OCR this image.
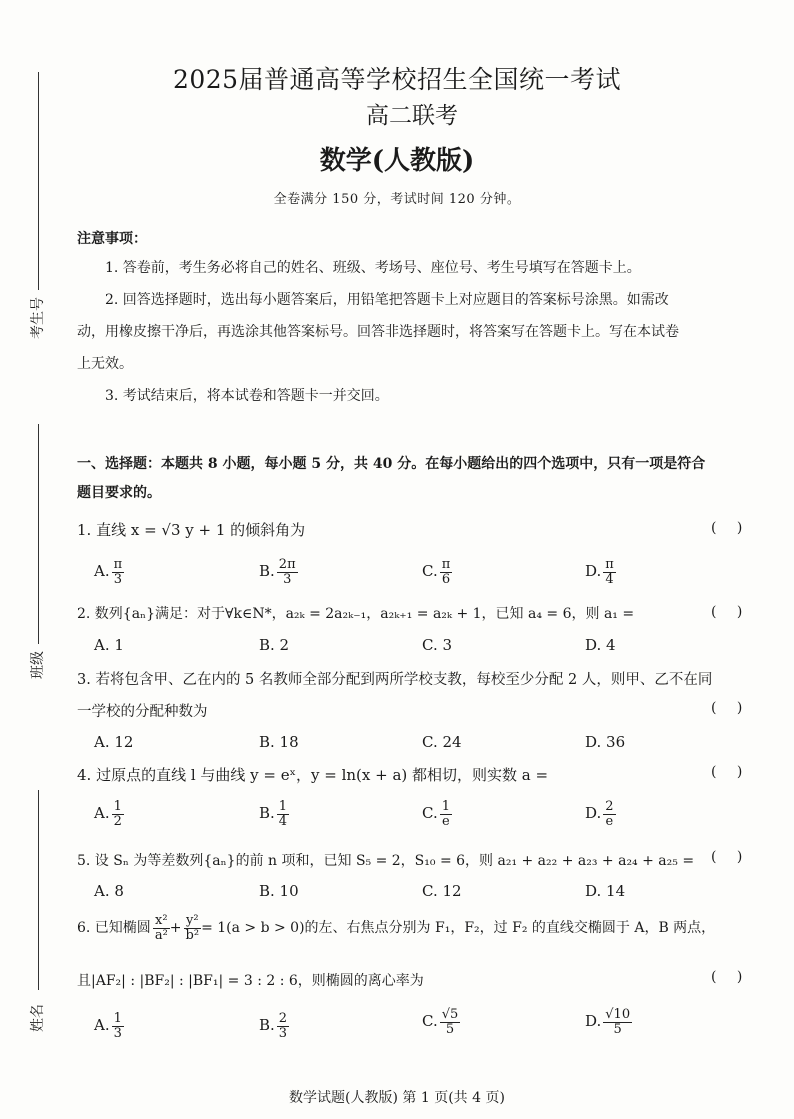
考生号
班级
姓名
2025届普通高等学校招生全国统一考试
高二联考
数学(人教版)
全卷满分 150 分，考试时间 120 分钟。
注意事项：
1. 答卷前，考生务必将自己的姓名、班级、考场号、座位号、考生号填写在答题卡上。
2. 回答选择题时，选出每小题答案后，用铅笔把答题卡上对应题目的答案标号涂黑。如需改
动，用橡皮擦干净后，再选涂其他答案标号。回答非选择题时，将答案写在答题卡上。写在本试卷
上无效。
3. 考试结束后，将本试卷和答题卡一并交回。
一、选择题：本题共 8 小题，每小题 5 分，共 40 分。在每小题给出的四个选项中，只有一项是符合
题目要求的。
1. 直线 x = √3 y + 1 的倾斜角为	( )
A. $\frac{\pi}{3}$	B. $\frac{2\pi}{3}$	C. $\frac{\pi}{6}$	D. $\frac{\pi}{4}$
2. 数列{aₙ}满足：对于∀k∈N*，a₂ₖ = 2a₂ₖ₋₁，a₂ₖ₊₁ = a₂ₖ + 1，已知 a₄ = 6，则 a₁ =	( )
A. 1	B. 2	C. 3	D. 4
3. 若将包含甲、乙在内的 5 名教师全部分配到两所学校支教，每校至少分配 2 人，则甲、乙不在同
一学校的分配种数为	( )
A. 12	B. 18	C. 24	D. 36
4. 过原点的直线 l 与曲线 y = eˣ，y = ln(x + a) 都相切，则实数 a =	( )
A. $\frac{1}{2}$	B. $\frac{1}{4}$	C. $\frac{1}{e}$	D. $\frac{2}{e}$
5. 设 Sₙ 为等差数列{aₙ}的前 n 项和，已知 S₅ = 2，S₁₀ = 6，则 a₂₁ + a₂₂ + a₂₃ + a₂₄ + a₂₅ = ( )
A. 8	B. 10	C. 12	D. 14
6. 已知椭圆 $\frac{\text{x²}}{\text{a²}} + \frac{\text{y²}}{\text{b²}} = 1(a > b > 0)$的左、右焦点分别为 F₁，F₂，过 F₂ 的直线交椭圆于 A，B 两点，
且|AF₂| : |BF₂| : |BF₁| = 3 : 2 : 6，则椭圆的离心率为	( )
A. $\frac{1}{3}$	B. $\frac{2}{3}$	C. $\frac{√5}{5}$	D. $\frac{√10}{5}$
数学试题(人教版) 第 1 页(共 4 页)
